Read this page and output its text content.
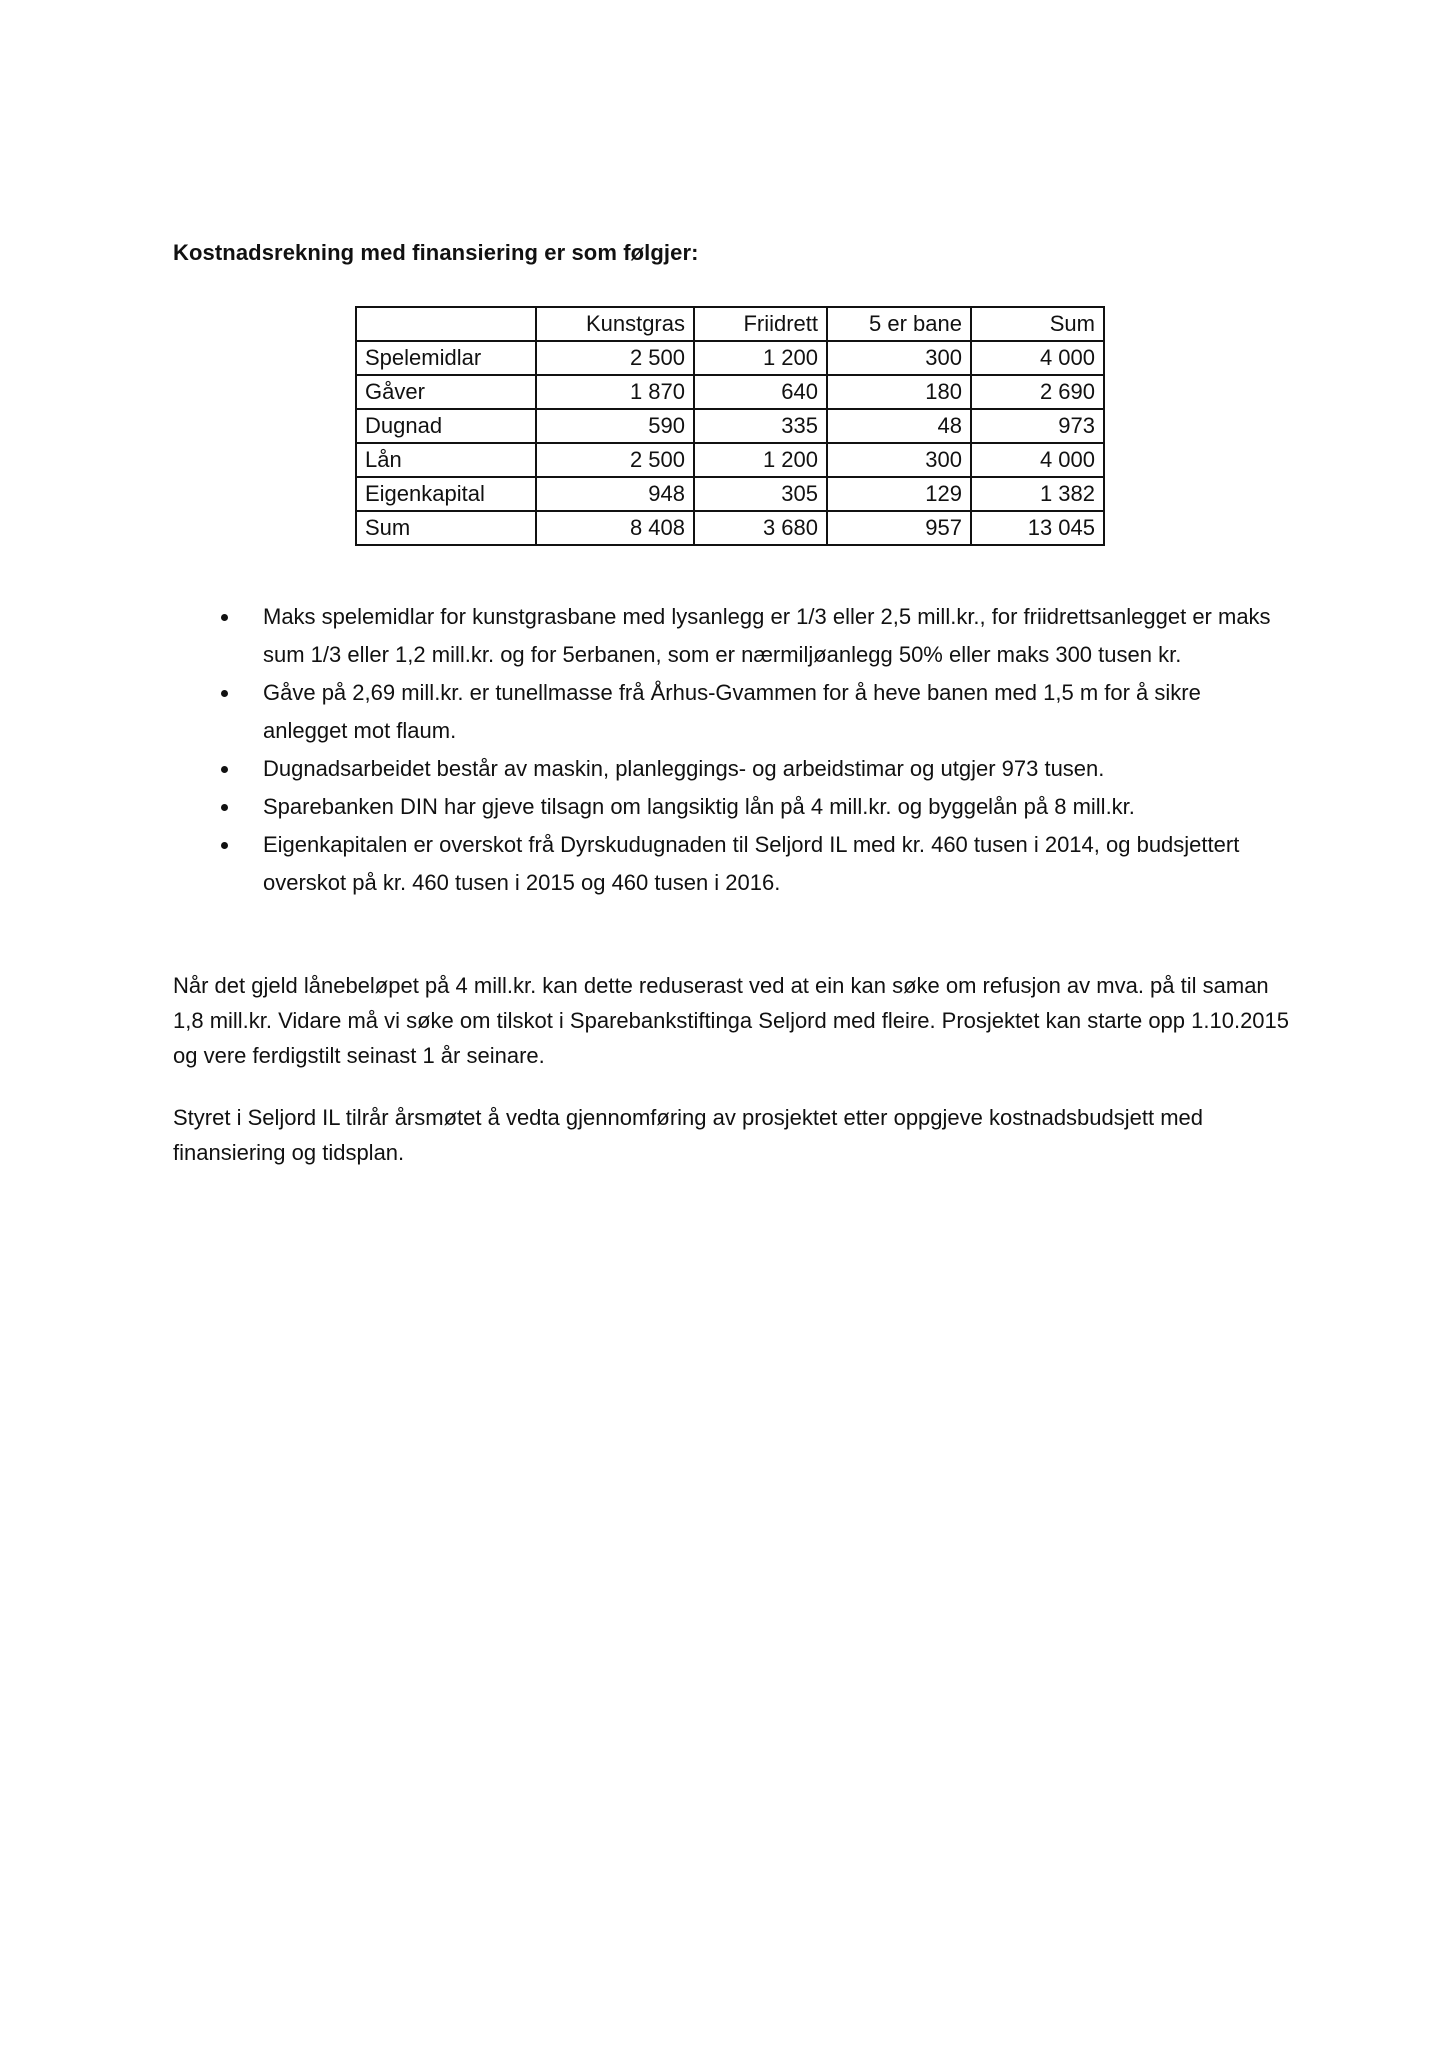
Kostnadsrekning med finansiering er som følgjer:
	Kunstgras	Friidrett	5 er bane	Sum
Spelemidlar	2 500	1 200	300	4 000
Gåver	1 870	640	180	2 690
Dugnad	590	335	48	973
Lån	2 500	1 200	300	4 000
Eigenkapital	948	305	129	1 382
Sum	8 408	3 680	957	13 045
Maks spelemidlar for kunstgrasbane med lysanlegg er 1/3 eller 2,5 mill.kr., for friidrettsanlegget er maks sum 1/3 eller 1,2 mill.kr. og for 5erbanen, som er nærmiljøanlegg 50% eller maks 300 tusen kr.
Gåve på 2,69 mill.kr. er tunellmasse frå Århus-Gvammen for å heve banen med 1,5 m for å sikre anlegget mot flaum.
Dugnadsarbeidet består av maskin, planleggings- og arbeidstimar og utgjer 973 tusen.
Sparebanken DIN har gjeve tilsagn om langsiktig lån på 4 mill.kr. og byggelån på 8 mill.kr.
Eigenkapitalen er overskot frå Dyrskudugnaden til Seljord IL med kr. 460 tusen i 2014, og budsjettert overskot på kr. 460 tusen i 2015 og 460 tusen i 2016.
Når det gjeld lånebeløpet på 4 mill.kr. kan dette reduserast ved at ein kan søke om refusjon av mva. på til saman 1,8 mill.kr. Vidare må vi søke om tilskot i Sparebankstiftinga Seljord med fleire. Prosjektet kan starte opp 1.10.2015 og vere ferdigstilt seinast 1 år seinare.
Styret i Seljord IL tilrår årsmøtet å vedta gjennomføring av prosjektet etter oppgjeve kostnadsbudsjett med finansiering og tidsplan.
